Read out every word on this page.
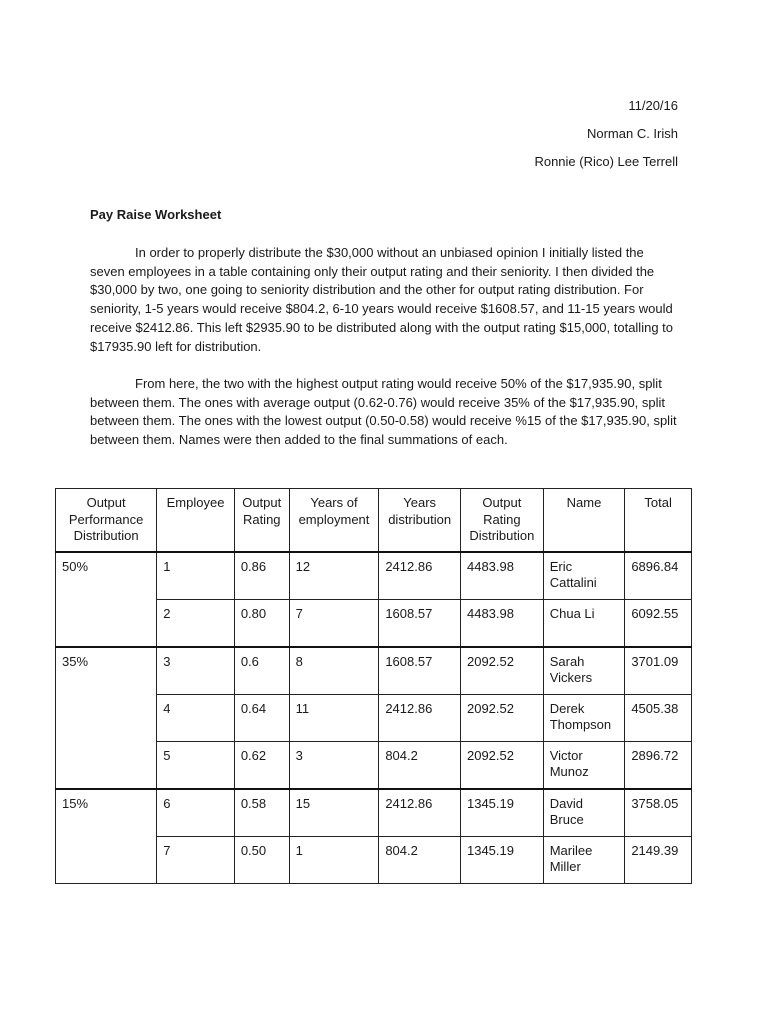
11/20/16
Norman C. Irish
Ronnie (Rico) Lee Terrell
Pay Raise Worksheet

In order to properly distribute the $30,000 without an unbiased opinion I initially listed the seven employees in a table containing only their output rating and their seniority. I then divided the $30,000 by two, one going to seniority distribution and the other for output rating distribution. For seniority, 1-5 years would receive $804.2, 6-10 years would receive $1608.57, and 11-15 years would receive $2412.86. This left $2935.90 to be distributed along with the output rating $15,000, totalling to $17935.90 left for distribution.

From here, the two with the highest output rating would receive 50% of the $17,935.90, split between them. The ones with average output (0.62-0.76) would receive 35% of the $17,935.90, split between them. The ones with the lowest output (0.50-0.58) would receive %15 of the $17,935.90, split between them. Names were then added to the final summations of each.

Output Performance Distribution	Employee	Output Rating	Years of employment	Years distribution	Output Rating Distribution	Name	Total
50%	1	0.86	12	2412.86	4483.98	Eric Cattalini	6896.84
	2	0.80	7	1608.57	4483.98	Chua Li	6092.55
35%	3	0.6	8	1608.57	2092.52	Sarah Vickers	3701.09
	4	0.64	11	2412.86	2092.52	Derek Thompson	4505.38
	5	0.62	3	804.2	2092.52	Victor Munoz	2896.72
15%	6	0.58	15	2412.86	1345.19	David Bruce	3758.05
	7	0.50	1	804.2	1345.19	Marilee Miller	2149.39
